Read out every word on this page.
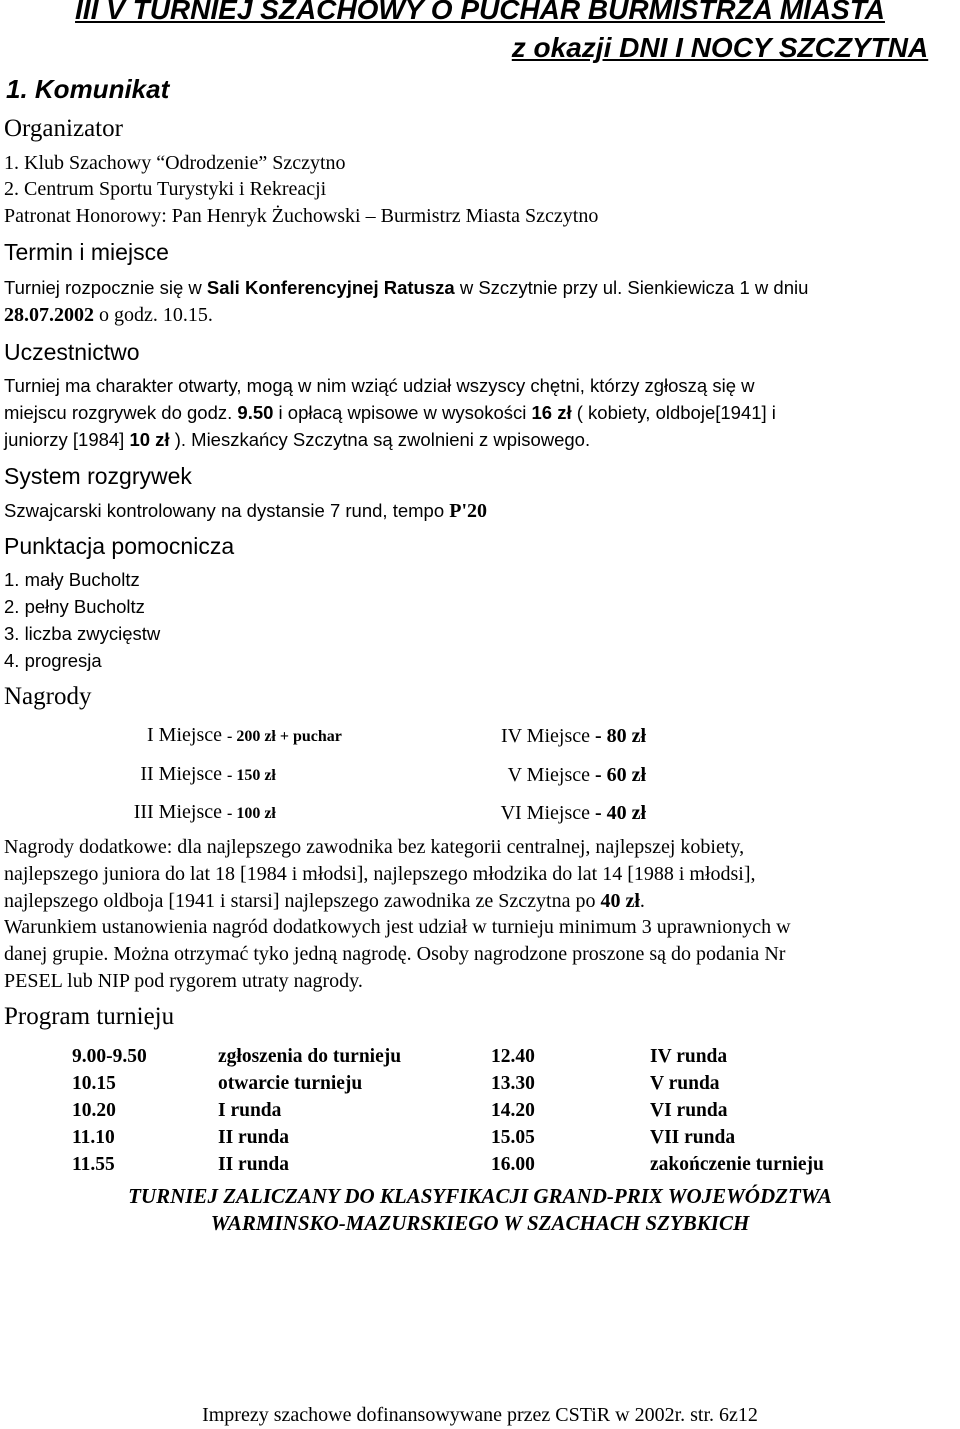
III V TURNIEJ SZACHOWY O PUCHAR BURMISTRZA MIASTA
z okazji DNI I NOCY SZCZYTNA
1. Komunikat
Organizator
1. Klub Szachowy “Odrodzenie” Szczytno
2. Centrum Sportu Turystyki i Rekreacji
Patronat Honorowy: Pan Henryk Żuchowski – Burmistrz Miasta Szczytno
Termin i miejsce
Turniej rozpocznie się w Sali Konferencyjnej Ratusza w Szczytnie przy ul. Sienkiewicza 1 w dniu
28.07.2002 o godz. 10.15.
Uczestnictwo
Turniej ma charakter otwarty, mogą w nim wziąć udział wszyscy chętni, którzy zgłoszą się w
miejscu rozgrywek do godz. 9.50 i opłacą wpisowe w wysokości 16 zł ( kobiety, oldboje[1941] i
juniorzy [1984] 10 zł ). Mieszkańcy Szczytna są zwolnieni z wpisowego.
System rozgrywek
Szwajcarski kontrolowany na dystansie 7 rund, tempo P'20
Punktacja pomocnicza
1. mały Bucholtz
2. pełny Bucholtz
3. liczba zwycięstw
4. progresja
Nagrody
I Miejsce - 200 zł + puchar
II Miejsce - 150 zł
III Miejsce - 100 zł
IV Miejsce - 80 zł
V Miejsce - 60 zł
VI Miejsce - 40 zł
Nagrody dodatkowe: dla najlepszego zawodnika bez kategorii centralnej, najlepszej kobiety,
najlepszego juniora do lat 18 [1984 i młodsi], najlepszego młodzika do lat 14 [1988 i młodsi],
najlepszego oldboja [1941 i starsi] najlepszego zawodnika ze Szczytna po 40 zł.
Warunkiem ustanowienia nagród dodatkowych jest udział w turnieju minimum 3 uprawnionych w
danej grupie. Można otrzymać tyko jedną nagrodę. Osoby nagrodzone proszone są do podania Nr
PESEL lub NIP pod rygorem utraty nagrody.
Program turnieju
9.00-9.50	zgłoszenia do turnieju	12.40	IV runda
10.15	otwarcie turnieju	13.30	V runda
10.20	I runda	14.20	VI runda
11.10	II runda	15.05	VII runda
11.55	II runda	16.00	zakończenie turnieju
TURNIEJ ZALICZANY DO KLASYFIKACJI GRAND-PRIX WOJEWÓDZTWA
WARMINSKO-MAZURSKIEGO W SZACHACH SZYBKICH
Imprezy szachowe dofinansowywane przez CSTiR w 2002r. str. 6z12
